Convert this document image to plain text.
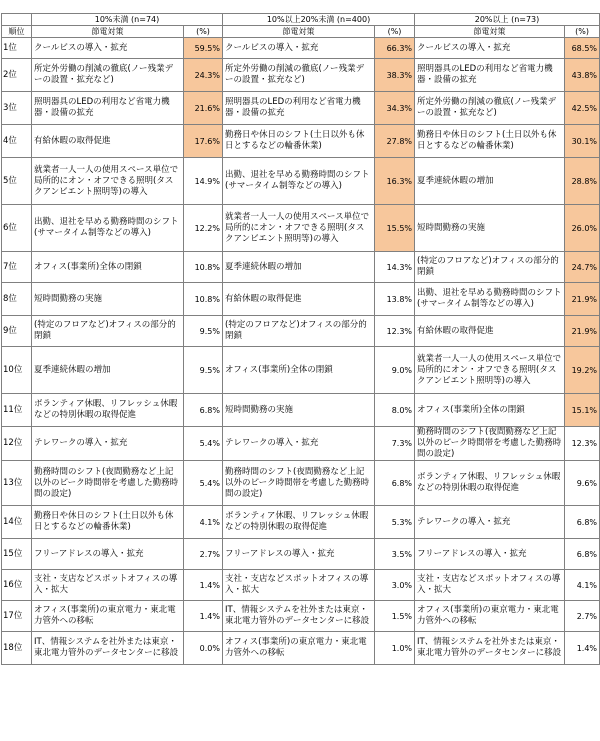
	10%未満 (n=74)		10%以上20%未満 (n=400)		20%以上 (n=73)	
順位	節電対策	(%)	節電対策	(%)	節電対策	(%)
1位	クールビスの導入・拡充	59.5%	クールビスの導入・拡充	66.3%	クールビスの導入・拡充	68.5%
2位	所定外労働の削減の徹底(ノー残業デーの設置・拡充など)	24.3%	所定外労働の削減の徹底(ノー残業デーの設置・拡充など)	38.3%	照明器具のLEDの利用など省電力機器・設備の拡充	43.8%
3位	照明器具のLEDの利用など省電力機器・設備の拡充	21.6%	照明器具のLEDの利用など省電力機器・設備の拡充	34.3%	所定外労働の削減の徹底(ノー残業デーの設置・拡充など)	42.5%
4位	有給休暇の取得促進	17.6%	勤務日や休日のシフト(土日以外も休日とするなどの輪番休業)	27.8%	勤務日や休日のシフト(土日以外も休日とするなどの輪番休業)	30.1%
5位	就業者一人一人の使用スペース単位で局所的にオン・オフできる照明(タスクアンビエント照明等)の導入	14.9%	出勤、退社を早める勤務時間のシフト(サマータイム制等などの導入)	16.3%	夏季連続休暇の増加	28.8%
6位	出勤、退社を早める勤務時間のシフト(サマータイム制等などの導入)	12.2%	就業者一人一人の使用スペース単位で局所的にオン・オフできる照明(タスクアンビエント照明等)の導入	15.5%	短時間勤務の実施	26.0%
7位	オフィス(事業所)全体の閉鎖	10.8%	夏季連続休暇の増加	14.3%	(特定のフロアなど)オフィスの部分的閉鎖	24.7%
8位	短時間勤務の実施	10.8%	有給休暇の取得促進	13.8%	出勤、退社を早める勤務時間のシフト(サマータイム制等などの導入)	21.9%
9位	(特定のフロアなど)オフィスの部分的閉鎖	9.5%	(特定のフロアなど)オフィスの部分的閉鎖	12.3%	有給休暇の取得促進	21.9%
10位	夏季連続休暇の増加	9.5%	オフィス(事業所)全体の閉鎖	9.0%	就業者一人一人の使用スペース単位で局所的にオン・オフできる照明(タスクアンビエント照明等)の導入	19.2%
11位	ボランティア休暇、リフレッシュ休暇などの特別休暇の取得促進	6.8%	短時間勤務の実施	8.0%	オフィス(事業所)全体の閉鎖	15.1%
12位	テレワークの導入・拡充	5.4%	テレワークの導入・拡充	7.3%	勤務時間のシフト(夜間勤務など上記以外のピーク時間帯を考慮した勤務時間の設定)	12.3%
13位	勤務時間のシフト(夜間勤務など上記以外のピーク時間帯を考慮した勤務時間の設定)	5.4%	勤務時間のシフト(夜間勤務など上記以外のピーク時間帯を考慮した勤務時間の設定)	6.8%	ボランティア休暇、リフレッシュ休暇などの特別休暇の取得促進	9.6%
14位	勤務日や休日のシフト(土日以外も休日とするなどの輪番休業)	4.1%	ボランティア休暇、リフレッシュ休暇などの特別休暇の取得促進	5.3%	テレワークの導入・拡充	6.8%
15位	フリーアドレスの導入・拡充	2.7%	フリーアドレスの導入・拡充	3.5%	フリーアドレスの導入・拡充	6.8%
16位	支社・支店などスポットオフィスの導入・拡大	1.4%	支社・支店などスポットオフィスの導入・拡大	3.0%	支社・支店などスポットオフィスの導入・拡大	4.1%
17位	オフィス(事業所)の東京電力・東北電力管外への移転	1.4%	IT、情報システムを社外または東京・東北電力管外のデータセンターに移設	1.5%	オフィス(事業所)の東京電力・東北電力管外への移転	2.7%
18位	IT、情報システムを社外または東京・東北電力管外のデータセンターに移設	0.0%	オフィス(事業所)の東京電力・東北電力管外への移転	1.0%	IT、情報システムを社外または東京・東北電力管外のデータセンターに移設	1.4%
